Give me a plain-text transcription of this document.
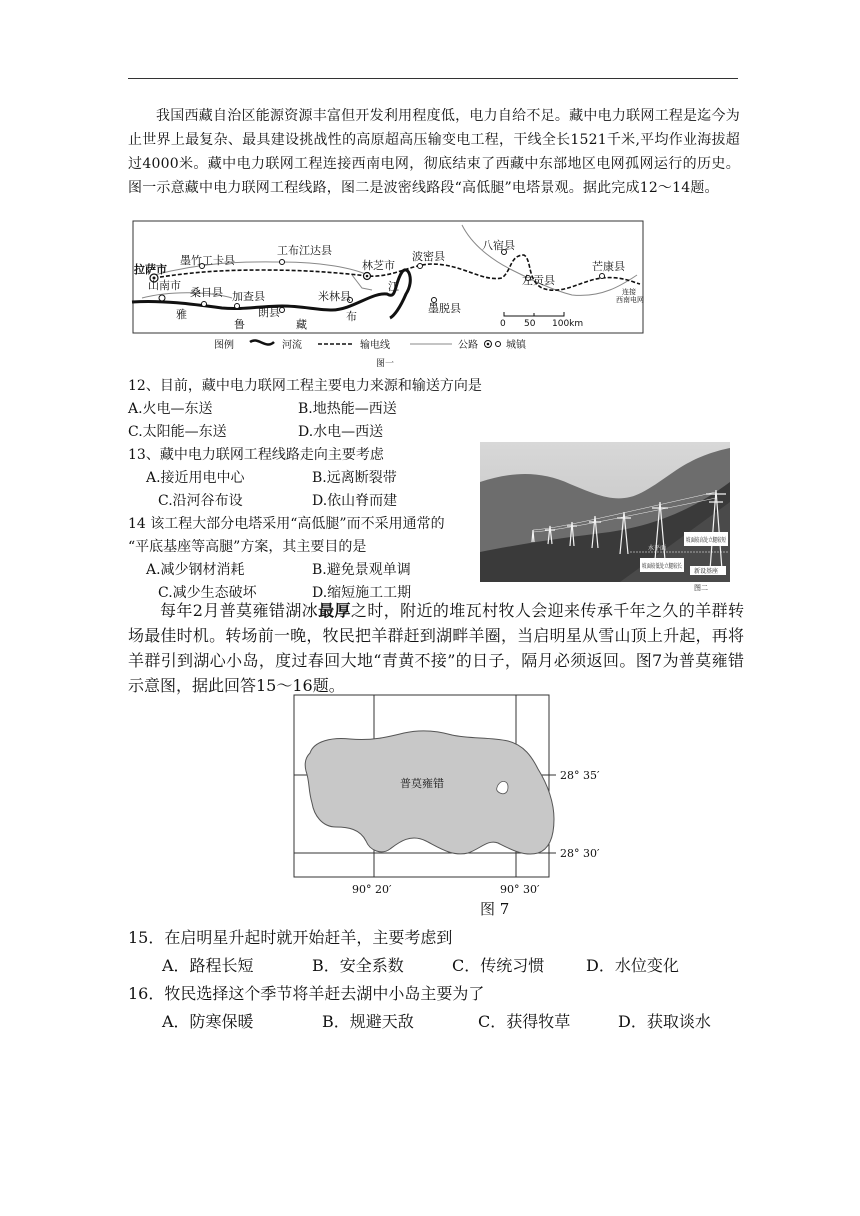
我国西藏自治区能源资源丰富但开发利用程度低，电力自给不足。藏中电力联网工程是迄今为止世界上最复杂、最具建设挑战性的高原超高压输变电工程，干线全长1521千米,平均作业海拔超过4000米。藏中电力联网工程连接西南电网，彻底结束了西藏中东部地区电网孤网运行的历史。图一示意藏中电力联网工程线路，图二是波密线路段“高低腿”电塔景观。据此完成12～14题。
墨竹工卡县
工布江达县
拉萨市	林芝市
波密县
八宿县
芒康县
左贡县
山南市
桑日县 加查县
朗县
米林县
墨脱县
雅
鲁	藏
布
江	连接
西南电网
0 50 100km
图例	河流	输电线	公路	城镇
图一
12、目前，藏中电力联网工程主要电力来源和输送方向是
A.火电—东送	B.地热能—西送
C.太阳能—东送	D.水电—西送
13、藏中电力联网工程线路走向主要考虑
A.接近用电中心	B.远离断裂带
C.沿河谷布设	D.依山脊而建
14 该工程大部分电塔采用“高低腿”而不采用通常的
“平底基座等高腿”方案，其主要目的是
A.减少钢材消耗	B.避免景观单调
C.减少生态破坏	D.缩短施工工期
水平面
坡面较高处立腿较短
坡面较低处立腿较长
新设基座
图二
每年2月普莫雍错湖冰最厚之时，附近的堆瓦村牧人会迎来传承千年之久的羊群转场最佳时机。转场前一晚，牧民把羊群赶到湖畔羊圈，当启明星从雪山顶上升起，再将羊群引到湖心小岛，度过春回大地“青黄不接”的日子，隔月必须返回。图7为普莫雍错示意图，据此回答15～16题。
普莫雍错
28° 35′
28° 30′
90° 20′	90° 30′
图 7
15．在启明星升起时就开始赶羊，主要考虑到
A．路程长短	B．安全系数	C．传统习惯	D．水位变化
16．牧民选择这个季节将羊赶去湖中小岛主要为了
A．防寒保暖	B．规避天敌	C．获得牧草	D．获取谈水
